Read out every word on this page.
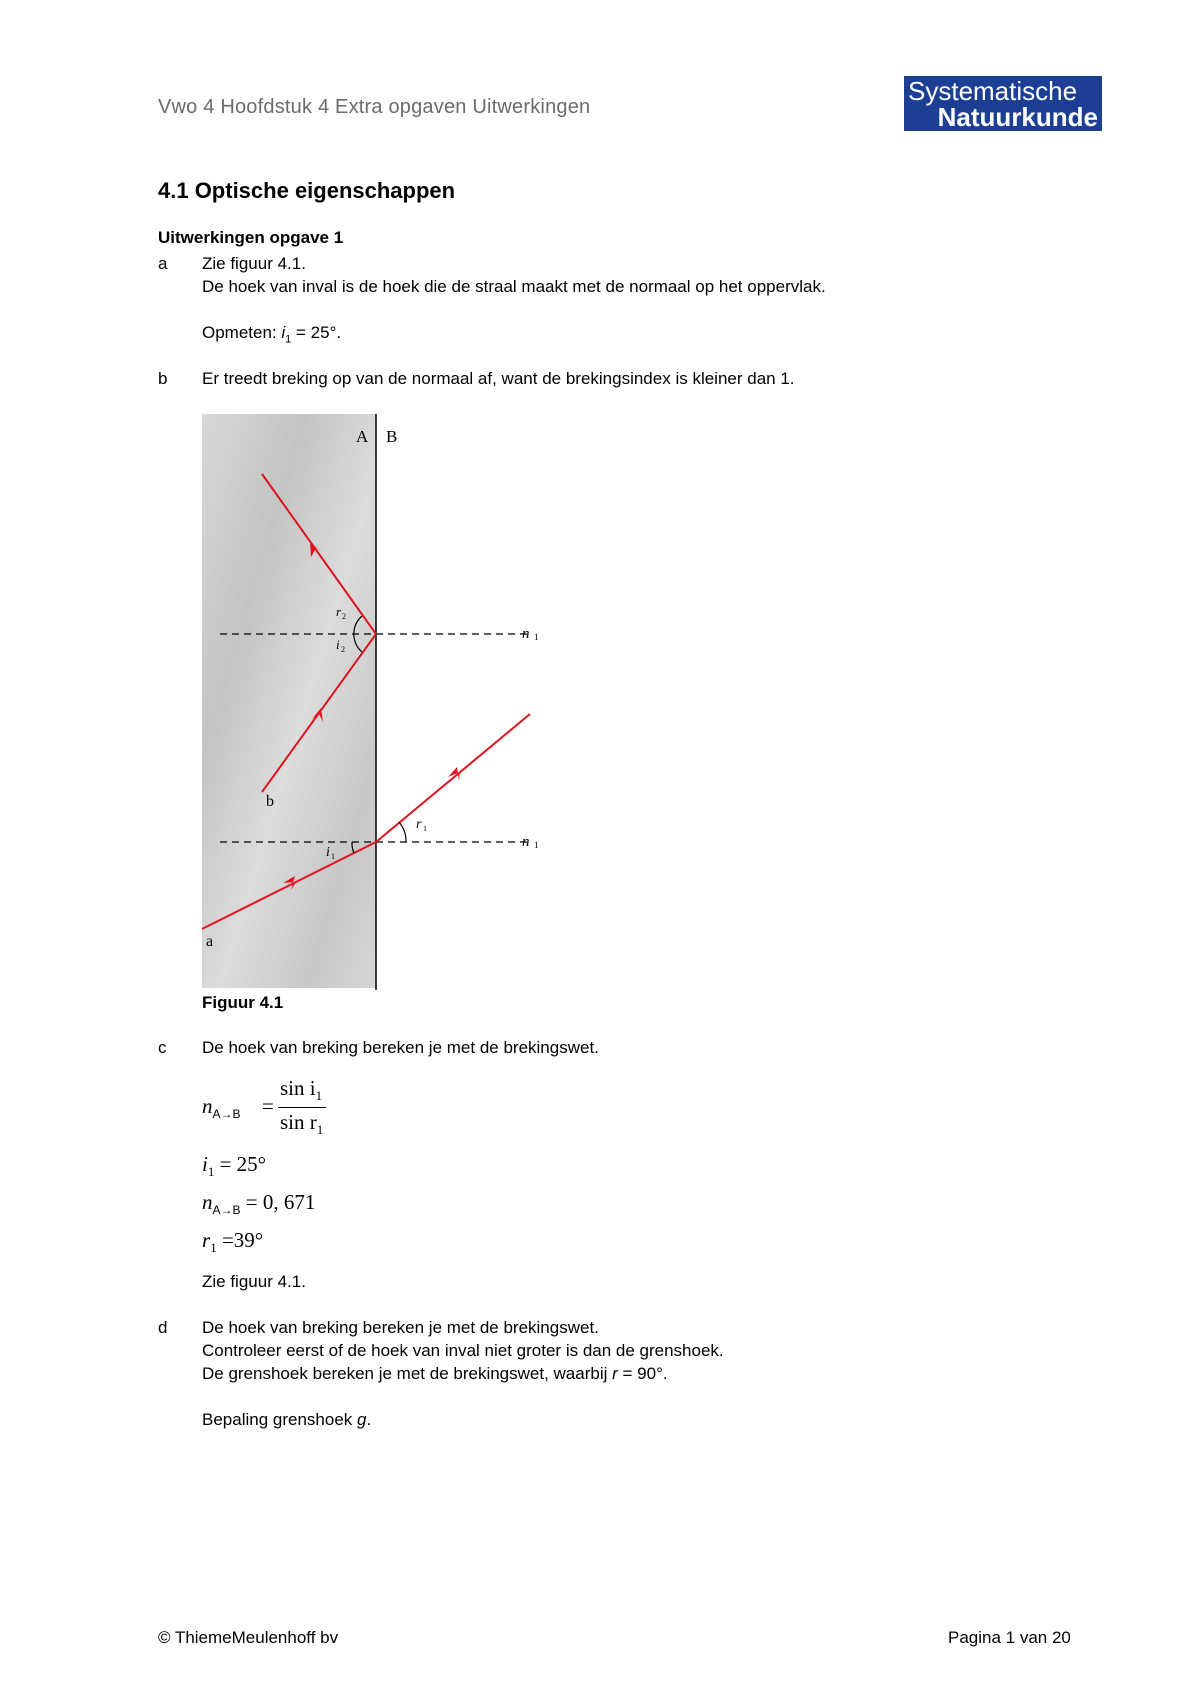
Vwo 4 Hoofdstuk 4 Extra opgaven Uitwerkingen
Systematische
Natuurkunde
4.1 Optische eigenschappen
Uitwerkingen opgave 1
a Zie figuur 4.1.
De hoek van inval is de hoek die de straal maakt met de normaal op het oppervlak.
Opmeten: $i_1 = 25^\circ$.
b Er treedt breking op van de normaal af, want de brekingsindex is kleiner dan 1.
A B
b
a
n 1
n 1
r 2
i 2
r 1
i 1
Figuur 4.1
c De hoek van breking bereken je met de brekingswet.
$n_{A\to B}$ =
$\sin i_1$
$\sin r_1$
$i_1 = 25^\circ$
$n_{A\to B} = 0$, 671
$r_1 =39^\circ$
Zie figuur 4.1.
d De hoek van breking bereken je met de brekingswet.
Controleer eerst of de hoek van inval niet groter is dan de grenshoek.
De grenshoek bereken je met de brekingswet, waarbij r = 90°.
Bepaling grenshoek g.
© ThiemeMeulenhoff bv	Pagina 1 van 20
